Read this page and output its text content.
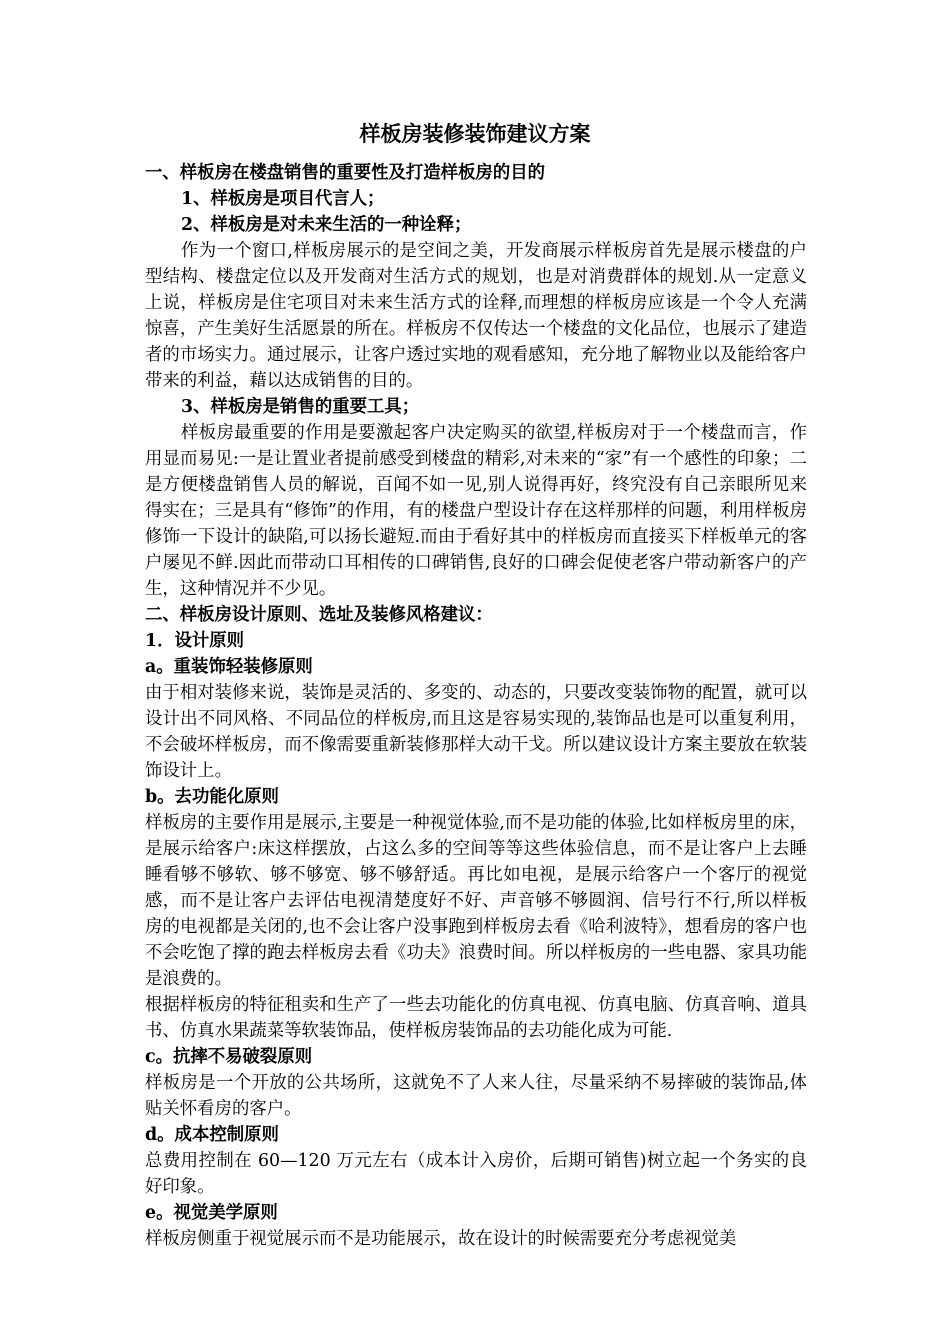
样板房装修装饰建议方案

一、样板房在楼盘销售的重要性及打造样板房的目的

1、样板房是项目代言人；

2、样板房是对未来生活的一种诠释；

作为一个窗口,样板房展示的是空间之美，开发商展示样板房首先是展示楼盘的户型结构、楼盘定位以及开发商对生活方式的规划，也是对消费群体的规划.从一定意义上说，样板房是住宅项目对未来生活方式的诠释,而理想的样板房应该是一个令人充满惊喜，产生美好生活愿景的所在。样板房不仅传达一个楼盘的文化品位，也展示了建造者的市场实力。通过展示，让客户透过实地的观看感知，充分地了解物业以及能给客户带来的利益，藉以达成销售的目的。

3、样板房是销售的重要工具；

样板房最重要的作用是要激起客户决定购买的欲望,样板房对于一个楼盘而言，作用显而易见:一是让置业者提前感受到楼盘的精彩,对未来的“家”有一个感性的印象；二是方便楼盘销售人员的解说，百闻不如一见,别人说得再好，终究没有自己亲眼所见来得实在；三是具有“修饰”的作用，有的楼盘户型设计存在这样那样的问题，利用样板房修饰一下设计的缺陷,可以扬长避短.而由于看好其中的样板房而直接买下样板单元的客户屡见不鲜.因此而带动口耳相传的口碑销售,良好的口碑会促使老客户带动新客户的产生，这种情况并不少见。

二、样板房设计原则、选址及装修风格建议：

1．设计原则

a。重装饰轻装修原则

由于相对装修来说，装饰是灵活的、多变的、动态的，只要改变装饰物的配置，就可以设计出不同风格、不同品位的样板房,而且这是容易实现的,装饰品也是可以重复利用，不会破坏样板房，而不像需要重新装修那样大动干戈。所以建议设计方案主要放在软装饰设计上。

b。去功能化原则

样板房的主要作用是展示,主要是一种视觉体验,而不是功能的体验,比如样板房里的床，是展示给客户:床这样摆放，占这么多的空间等等这些体验信息，而不是让客户上去睡睡看够不够软、够不够宽、够不够舒适。再比如电视，是展示给客户一个客厅的视觉感，而不是让客户去评估电视清楚度好不好、声音够不够圆润、信号行不行,所以样板房的电视都是关闭的,也不会让客户没事跑到样板房去看《哈利波特》，想看房的客户也不会吃饱了撑的跑去样板房去看《功夫》浪费时间。所以样板房的一些电器、家具功能是浪费的。

根据样板房的特征租卖和生产了一些去功能化的仿真电视、仿真电脑、仿真音响、道具书、仿真水果蔬菜等软装饰品，使样板房装饰品的去功能化成为可能.

c。抗摔不易破裂原则

样板房是一个开放的公共场所，这就免不了人来人往，尽量采纳不易摔破的装饰品,体贴关怀看房的客户。

d。成本控制原则

总费用控制在 60—120 万元左右（成本计入房价，后期可销售)树立起一个务实的良好印象。

e。视觉美学原则

样板房侧重于视觉展示而不是功能展示，故在设计的时候需要充分考虑视觉美
